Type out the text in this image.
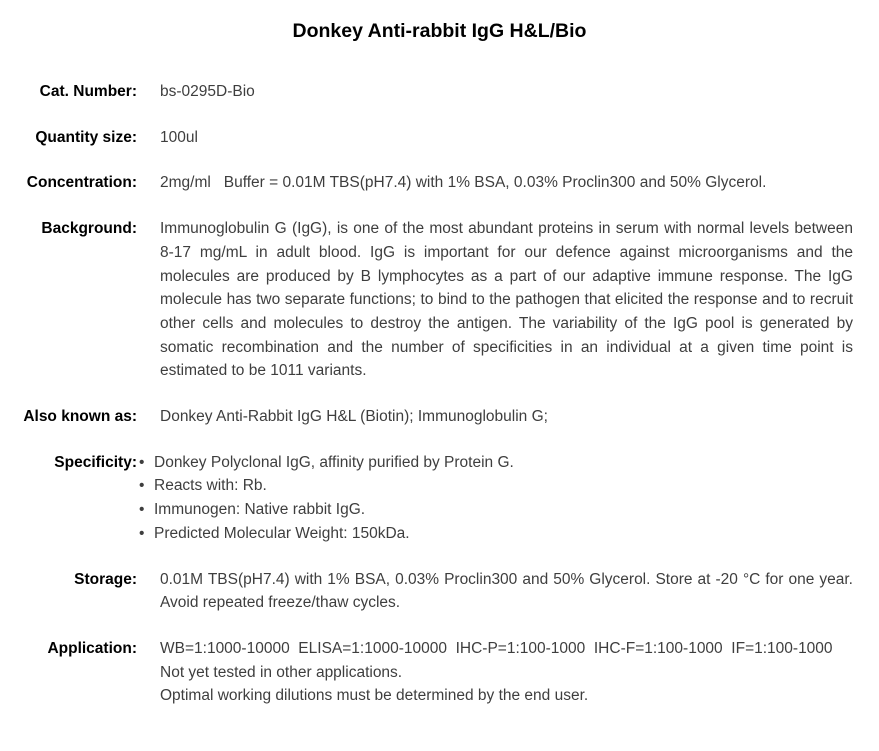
Donkey Anti-rabbit IgG H&L/Bio
Cat. Number: bs-0295D-Bio
Quantity size: 100ul
Concentration: 2mg/ml   Buffer = 0.01M TBS(pH7.4) with 1% BSA, 0.03% Proclin300 and 50% Glycerol.
Background: Immunoglobulin G (IgG), is one of the most abundant proteins in serum with normal levels between 8-17 mg/mL in adult blood. IgG is important for our defence against microorganisms and the molecules are produced by B lymphocytes as a part of our adaptive immune response. The IgG molecule has two separate functions; to bind to the pathogen that elicited the response and to recruit other cells and molecules to destroy the antigen. The variability of the IgG pool is generated by somatic recombination and the number of specificities in an individual at a given time point is estimated to be 1011 variants.
Also known as: Donkey Anti-Rabbit IgG H&L (Biotin); Immunoglobulin G;
Specificity: • Donkey Polyclonal IgG, affinity purified by Protein G.
• Reacts with: Rb.
• Immunogen: Native rabbit IgG.
• Predicted Molecular Weight: 150kDa.
Storage: 0.01M TBS(pH7.4) with 1% BSA, 0.03% Proclin300 and 50% Glycerol. Store at -20 °C for one year. Avoid repeated freeze/thaw cycles.
Application: WB=1:1000-10000  ELISA=1:1000-10000  IHC-P=1:100-1000  IHC-F=1:100-1000  IF=1:100-1000
Not yet tested in other applications.
Optimal working dilutions must be determined by the end user.
